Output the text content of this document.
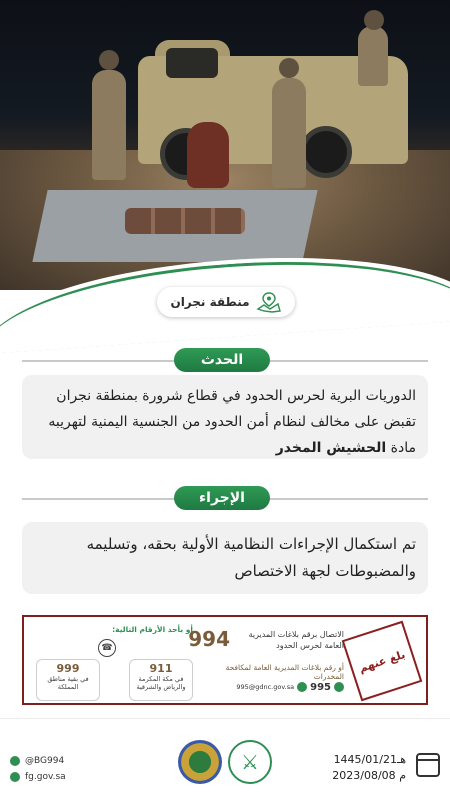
منطقة نجران
الحدث
الدوريات البرية لحرس الحدود في قطاع شرورة بمنطقة نجران تقبض على مخالف لنظام أمن الحدود من الجنسية اليمنية لتهريبه مادة الحشيش المخدر
الإجراء
تم استكمال الإجراءات النظامية الأولية بحقه، وتسليمه والمضبوطات لجهة الاختصاص
بلغ عنهم
الاتصال برقم بلاغات المديرية العامة لحرس الحدود
994
أو رقم بلاغات المديرية العامة لمكافحة المخدرات
995@gdnc.gov.sa 995
أو بأحد الأرقام التالية:
☎
911
في مكة المكرمة والرياض والشرقية
999
في بقية مناطق المملكة
@BG994
fg.gov.sa
⚔	1445/01/21هـ
2023/08/08 م
